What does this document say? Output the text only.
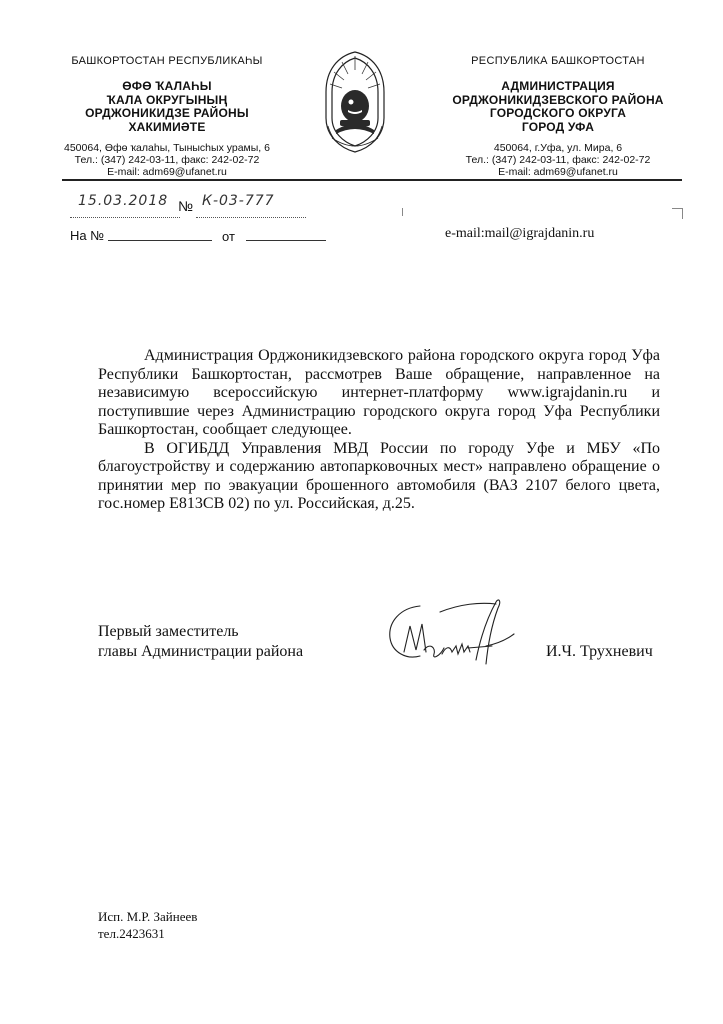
БАШКОРТОСТАН РЕСПУБЛИКАҺЫ
ӨФӨ ҠАЛАҺЫ
ҠАЛА ОКРУГЫНЫҢ
ОРДЖОНИКИДЗЕ РАЙОНЫ
ХАКИМИӘТЕ
450064, Өфө ҡалаһы, Тынысһых урамы, 6
Тел.: (347) 242-03-11, факс: 242-02-72
E-mail: adm69@ufanet.ru
РЕСПУБЛИКА БАШКОРТОСТАН
АДМИНИСТРАЦИЯ
ОРДЖОНИКИДЗЕВСКОГО РАЙОНА
ГОРОДСКОГО ОКРУГА
ГОРОД УФА
450064, г.Уфа, ул. Мира, 6
Тел.: (347) 242-03-11, факс: 242-02-72
E-mail: adm69@ufanet.ru
15.03.2018 № К-03-777
На №	от	e-mail:mail@igrajdanin.ru

Администрация Орджоникидзевского района городского округа город Уфа Республики Башкортостан, рассмотрев Ваше обращение, направленное на независимую всероссийскую интернет-платформу www.igrajdanin.ru и поступившие через Администрацию городского округа город Уфа Республики Башкортостан, сообщает следующее.

В ОГИБДД Управления МВД России по городу Уфе и МБУ «По благоустройству и содержанию автопарковочных мест» направлено обращение о принятии мер по эвакуации брошенного автомобиля (ВАЗ 2107 белого цвета, гос.номер Е813СВ 02) по ул. Российская, д.25.

Первый заместитель
главы Администрации района	И.Ч. Трухневич
Исп. М.Р. Зайнеев
тел.2423631
